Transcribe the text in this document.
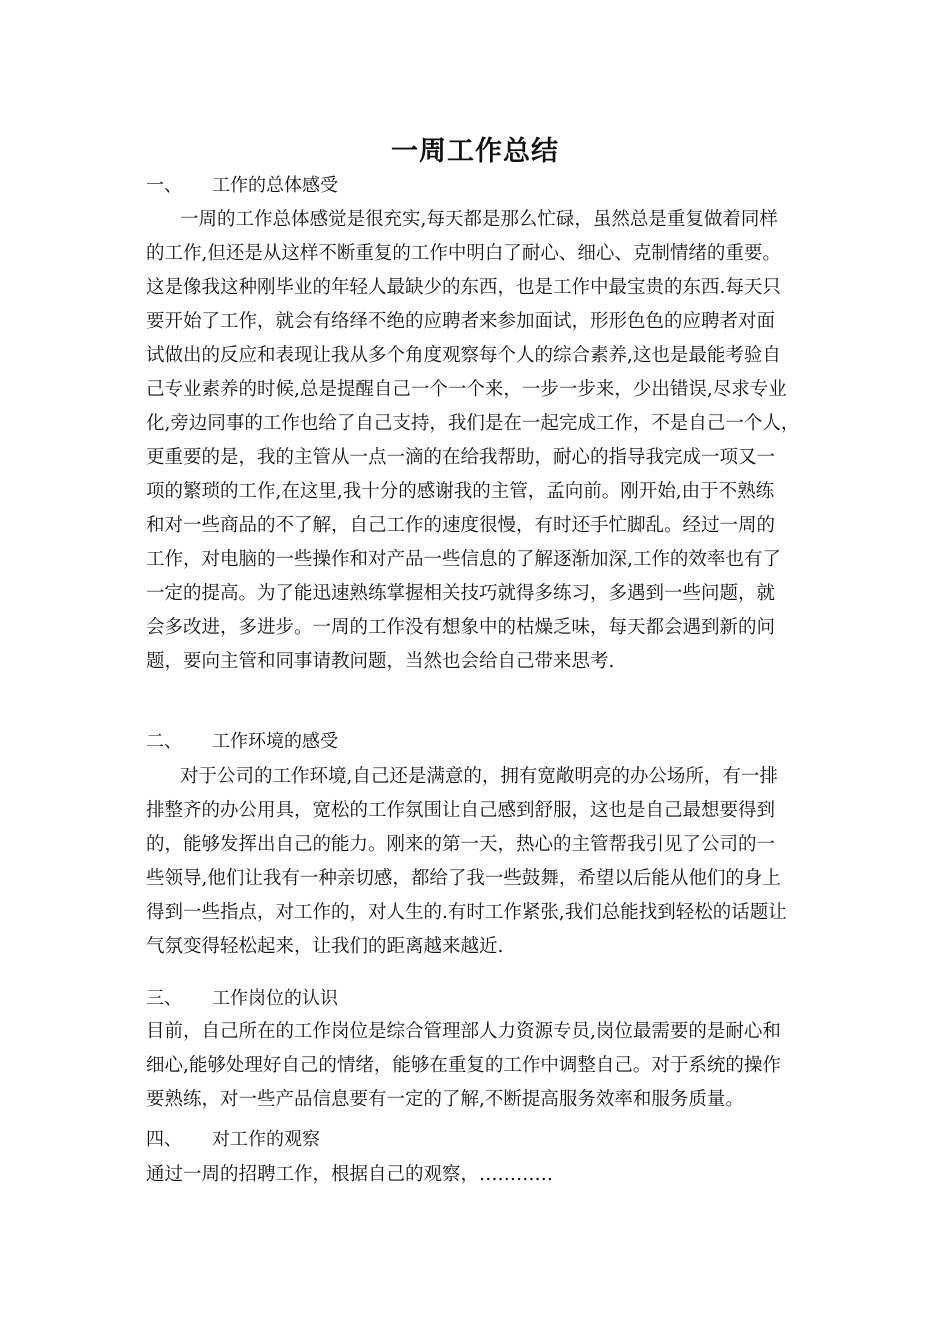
一周工作总结
一、 工作的总体感受
一周的工作总体感觉是很充实,每天都是那么忙碌，虽然总是重复做着同样
的工作,但还是从这样不断重复的工作中明白了耐心、细心、克制情绪的重要。
这是像我这种刚毕业的年轻人最缺少的东西，也是工作中最宝贵的东西.每天只
要开始了工作，就会有络绎不绝的应聘者来参加面试，形形色色的应聘者对面
试做出的反应和表现让我从多个角度观察每个人的综合素养,这也是最能考验自
己专业素养的时候,总是提醒自己一个一个来，一步一步来，少出错误,尽求专业
化,旁边同事的工作也给了自己支持，我们是在一起完成工作，不是自己一个人，
更重要的是，我的主管从一点一滴的在给我帮助，耐心的指导我完成一项又一
项的繁琐的工作,在这里,我十分的感谢我的主管，孟向前。刚开始,由于不熟练
和对一些商品的不了解，自己工作的速度很慢，有时还手忙脚乱。经过一周的
工作，对电脑的一些操作和对产品一些信息的了解逐渐加深,工作的效率也有了
一定的提高。为了能迅速熟练掌握相关技巧就得多练习，多遇到一些问题，就
会多改进，多进步。一周的工作没有想象中的枯燥乏味，每天都会遇到新的问
题，要向主管和同事请教问题，当然也会给自己带来思考.
二、 工作环境的感受
对于公司的工作环境,自己还是满意的，拥有宽敞明亮的办公场所，有一排
排整齐的办公用具，宽松的工作氛围让自己感到舒服，这也是自己最想要得到
的，能够发挥出自己的能力。刚来的第一天，热心的主管帮我引见了公司的一
些领导,他们让我有一种亲切感，都给了我一些鼓舞，希望以后能从他们的身上
得到一些指点，对工作的，对人生的.有时工作紧张,我们总能找到轻松的话题让
气氛变得轻松起来，让我们的距离越来越近.
三、 工作岗位的认识
目前，自己所在的工作岗位是综合管理部人力资源专员,岗位最需要的是耐心和
细心,能够处理好自己的情绪，能够在重复的工作中调整自己。对于系统的操作
要熟练，对一些产品信息要有一定的了解,不断提高服务效率和服务质量。
四、 对工作的观察
通过一周的招聘工作，根据自己的观察，…………
